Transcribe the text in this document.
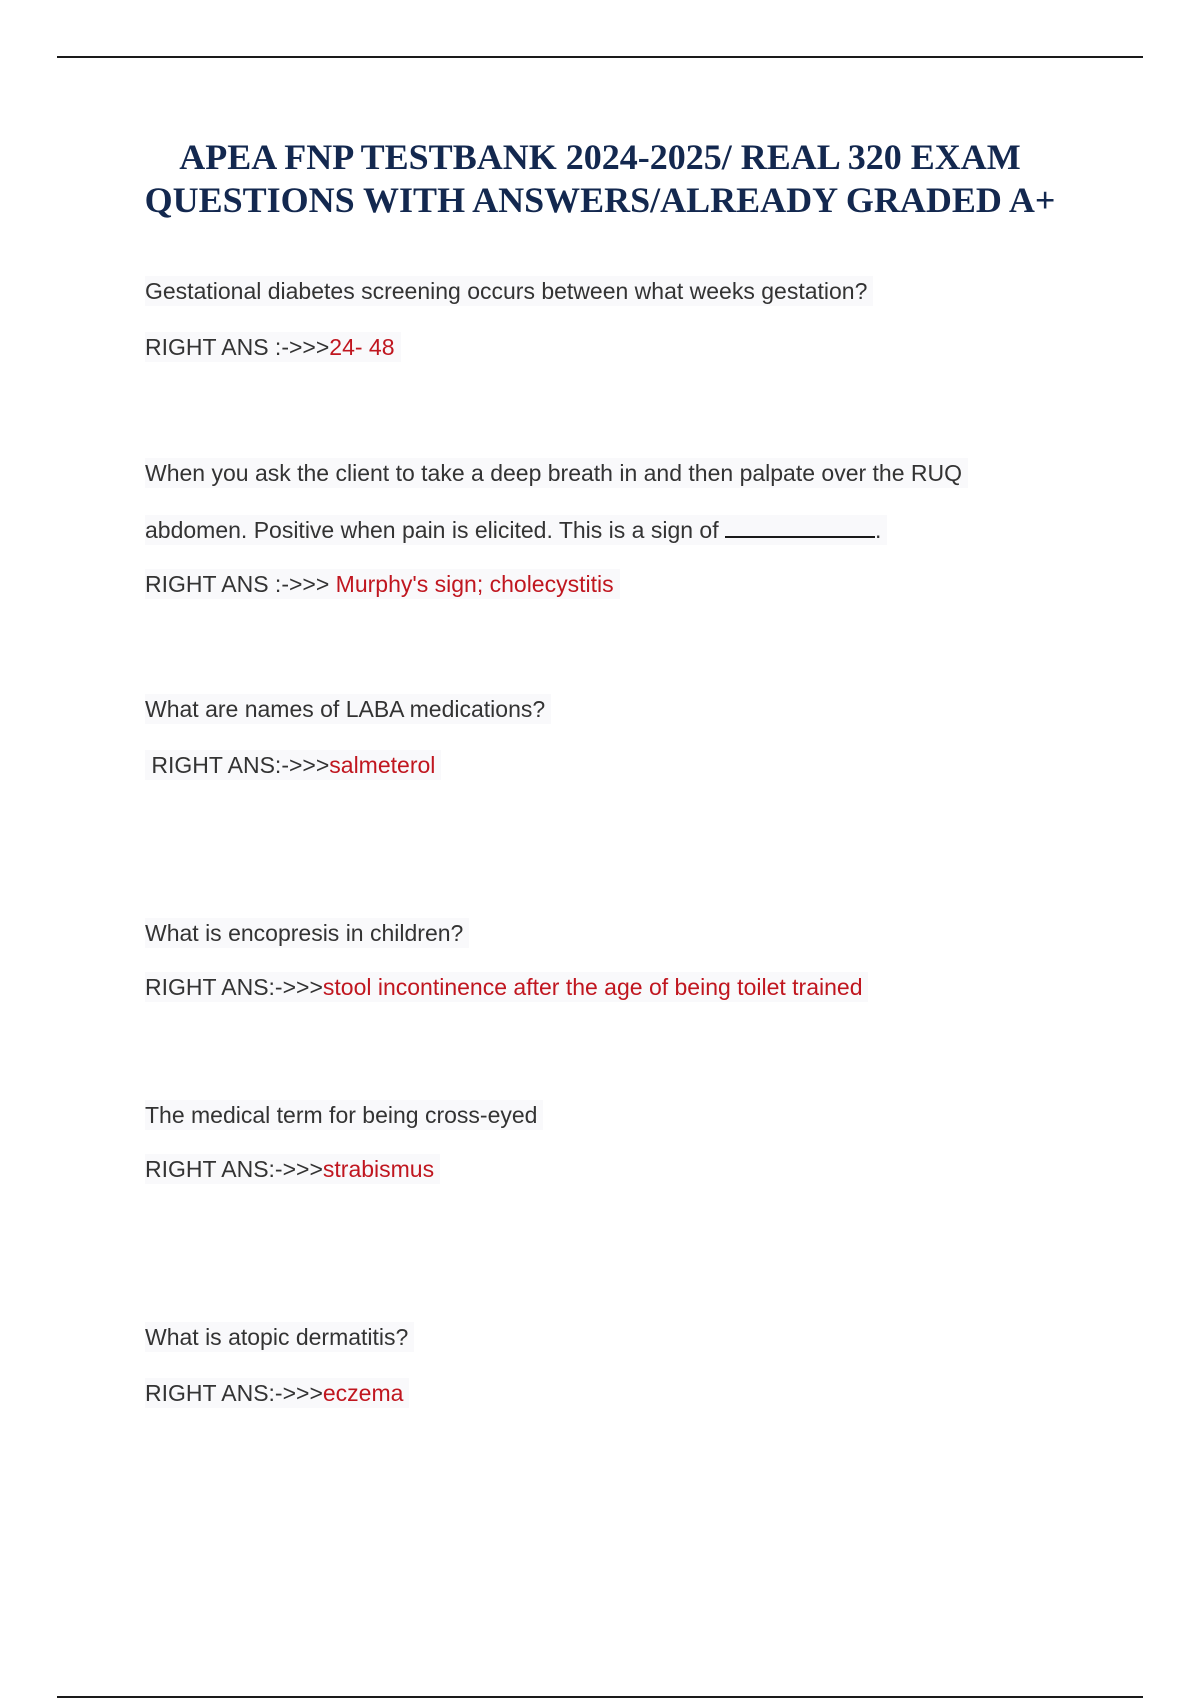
APEA FNP TESTBANK 2024-2025/ REAL 320 EXAM
QUESTIONS WITH ANSWERS/ALREADY GRADED A+
Gestational diabetes screening occurs between what weeks gestation?
RIGHT ANS :->>>24- 48
When you ask the client to take a deep breath in and then palpate over the RUQ
abdomen. Positive when pain is elicited. This is a sign of	.
RIGHT ANS :->>> Murphy's sign; cholecystitis
What are names of LABA medications?
RIGHT ANS:->>>salmeterol
What is encopresis in children?
RIGHT ANS:->>>stool incontinence after the age of being toilet trained
The medical term for being cross-eyed
RIGHT ANS:->>>strabismus
What is atopic dermatitis?
RIGHT ANS:->>>eczema
